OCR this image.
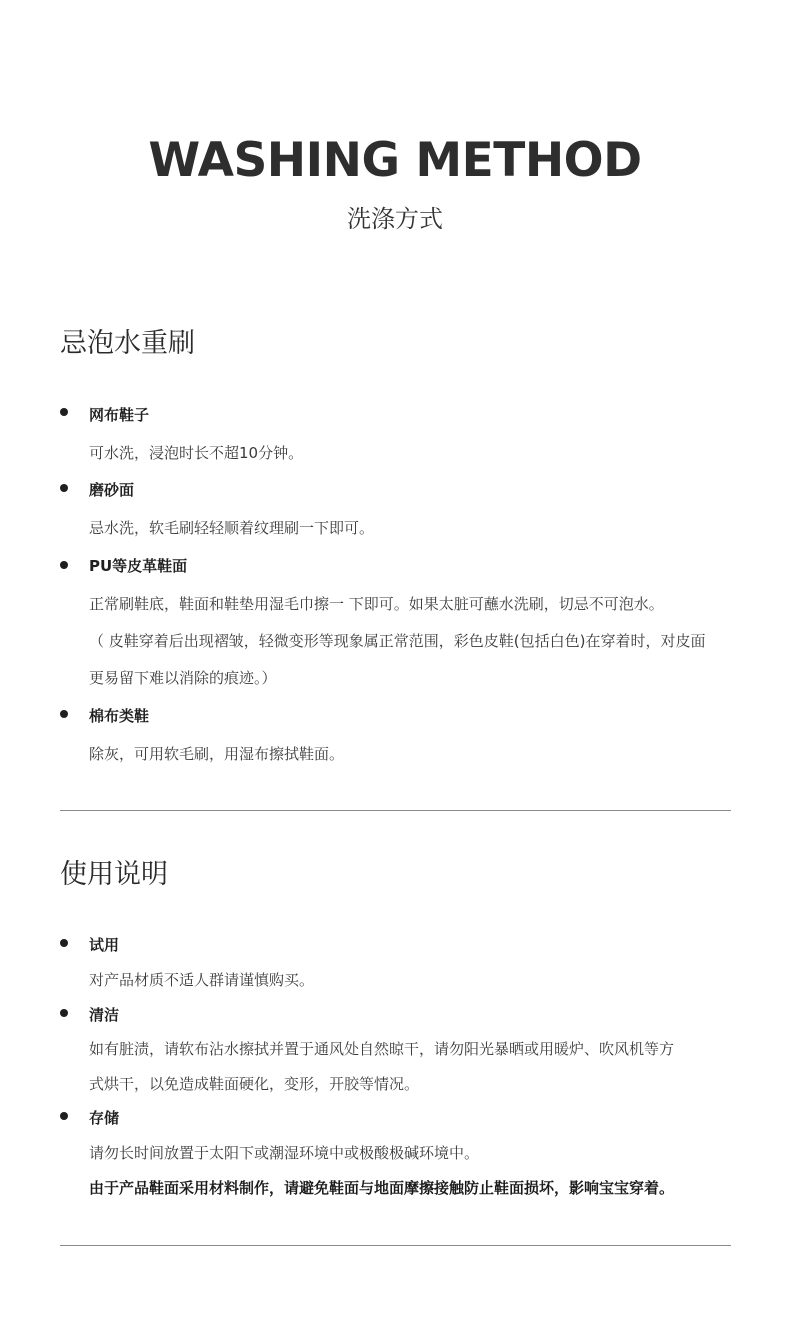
WASHING METHOD
洗涤方式
忌泡水重刷
网布鞋子
可水洗，浸泡时长不超10分钟。
磨砂面
忌水洗，软毛刷轻轻顺着纹理刷一下即可。
PU等皮革鞋面
正常刷鞋底，鞋面和鞋垫用湿毛巾擦一 下即可。如果太脏可蘸水洗刷，切忌不可泡水。
（ 皮鞋穿着后出现褶皱，轻微变形等现象属正常范围，彩色皮鞋(包括白色)在穿着时，对皮面
更易留下难以消除的痕迹。）
棉布类鞋
除灰，可用软毛刷，用湿布擦拭鞋面。
使用说明
试用
对产品材质不适人群请谨慎购买。
清洁
如有脏渍，请软布沾水擦拭并置于通风处自然晾干，请勿阳光暴晒或用暖炉、吹风机等方
式烘干，以免造成鞋面硬化，变形，开胶等情况。
存储
请勿长时间放置于太阳下或潮湿环境中或极酸极碱环境中。
由于产品鞋面采用材料制作，请避免鞋面与地面摩擦接触防止鞋面损坏，影响宝宝穿着。
